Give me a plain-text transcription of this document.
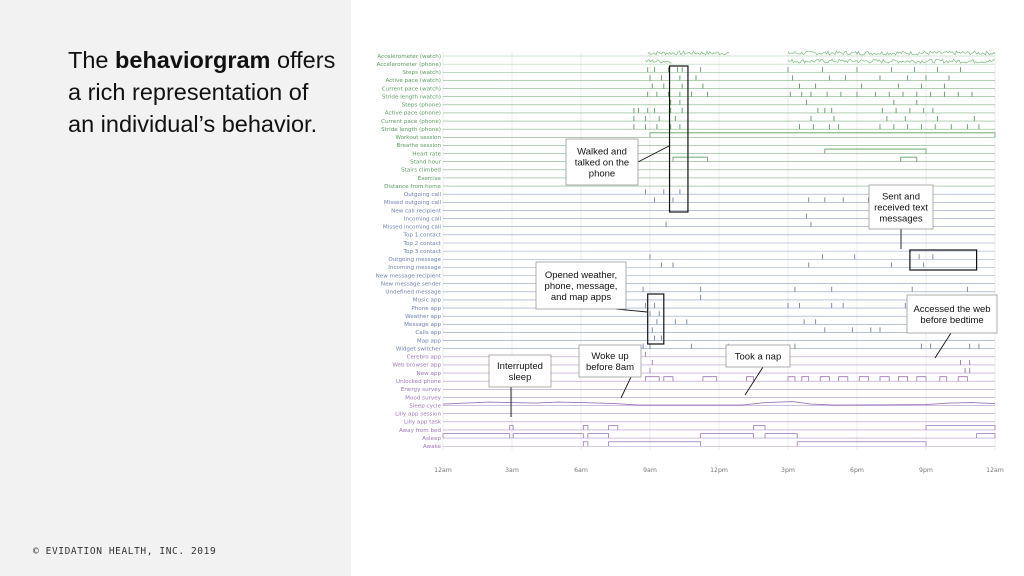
The behaviorgram offers a rich representation of an individual’s behavior.

© EVIDATION HEALTH, INC. 2019
Accelerometer (watch)
Accelerometer (phone)
Steps (watch)
Active pace (watch)
Current pace (watch)
Stride length (watch)
Steps (phone)
Active pace (phone)
Current pace (phone)
Stride length (phone)
Workout session
Breathe session
Heart rate
Stand hour
Stairs climbed
Exercise
Distance from home
Outgoing call
Missed outgoing call
New call recipient
Incoming call
Missed incoming call
Top 1 contact
Top 2 contact
Top 3 contact
Outgoing message
Incoming message
New message recipient
New message sender
Undefined message
Music app
Phone app
Weather app
Message app
Calls app
Map app
Widget switcher
Cerebro app
Web browser app
New app
Unlocked phone
Energy survey
Mood survey
Sleep cycle
Lilly app session
Lilly app task
Away from bed
Asleep
Awake
12am	3am	6am	9am	12pm	3pm	6pm	9pm	12am
Walked and
talked on the
phone
Sent and
received text
messages
Opened weather,
phone, message,
and map apps
Accessed the web
before bedtime
Interrupted
sleep
Woke up
before 8am
Took a nap
